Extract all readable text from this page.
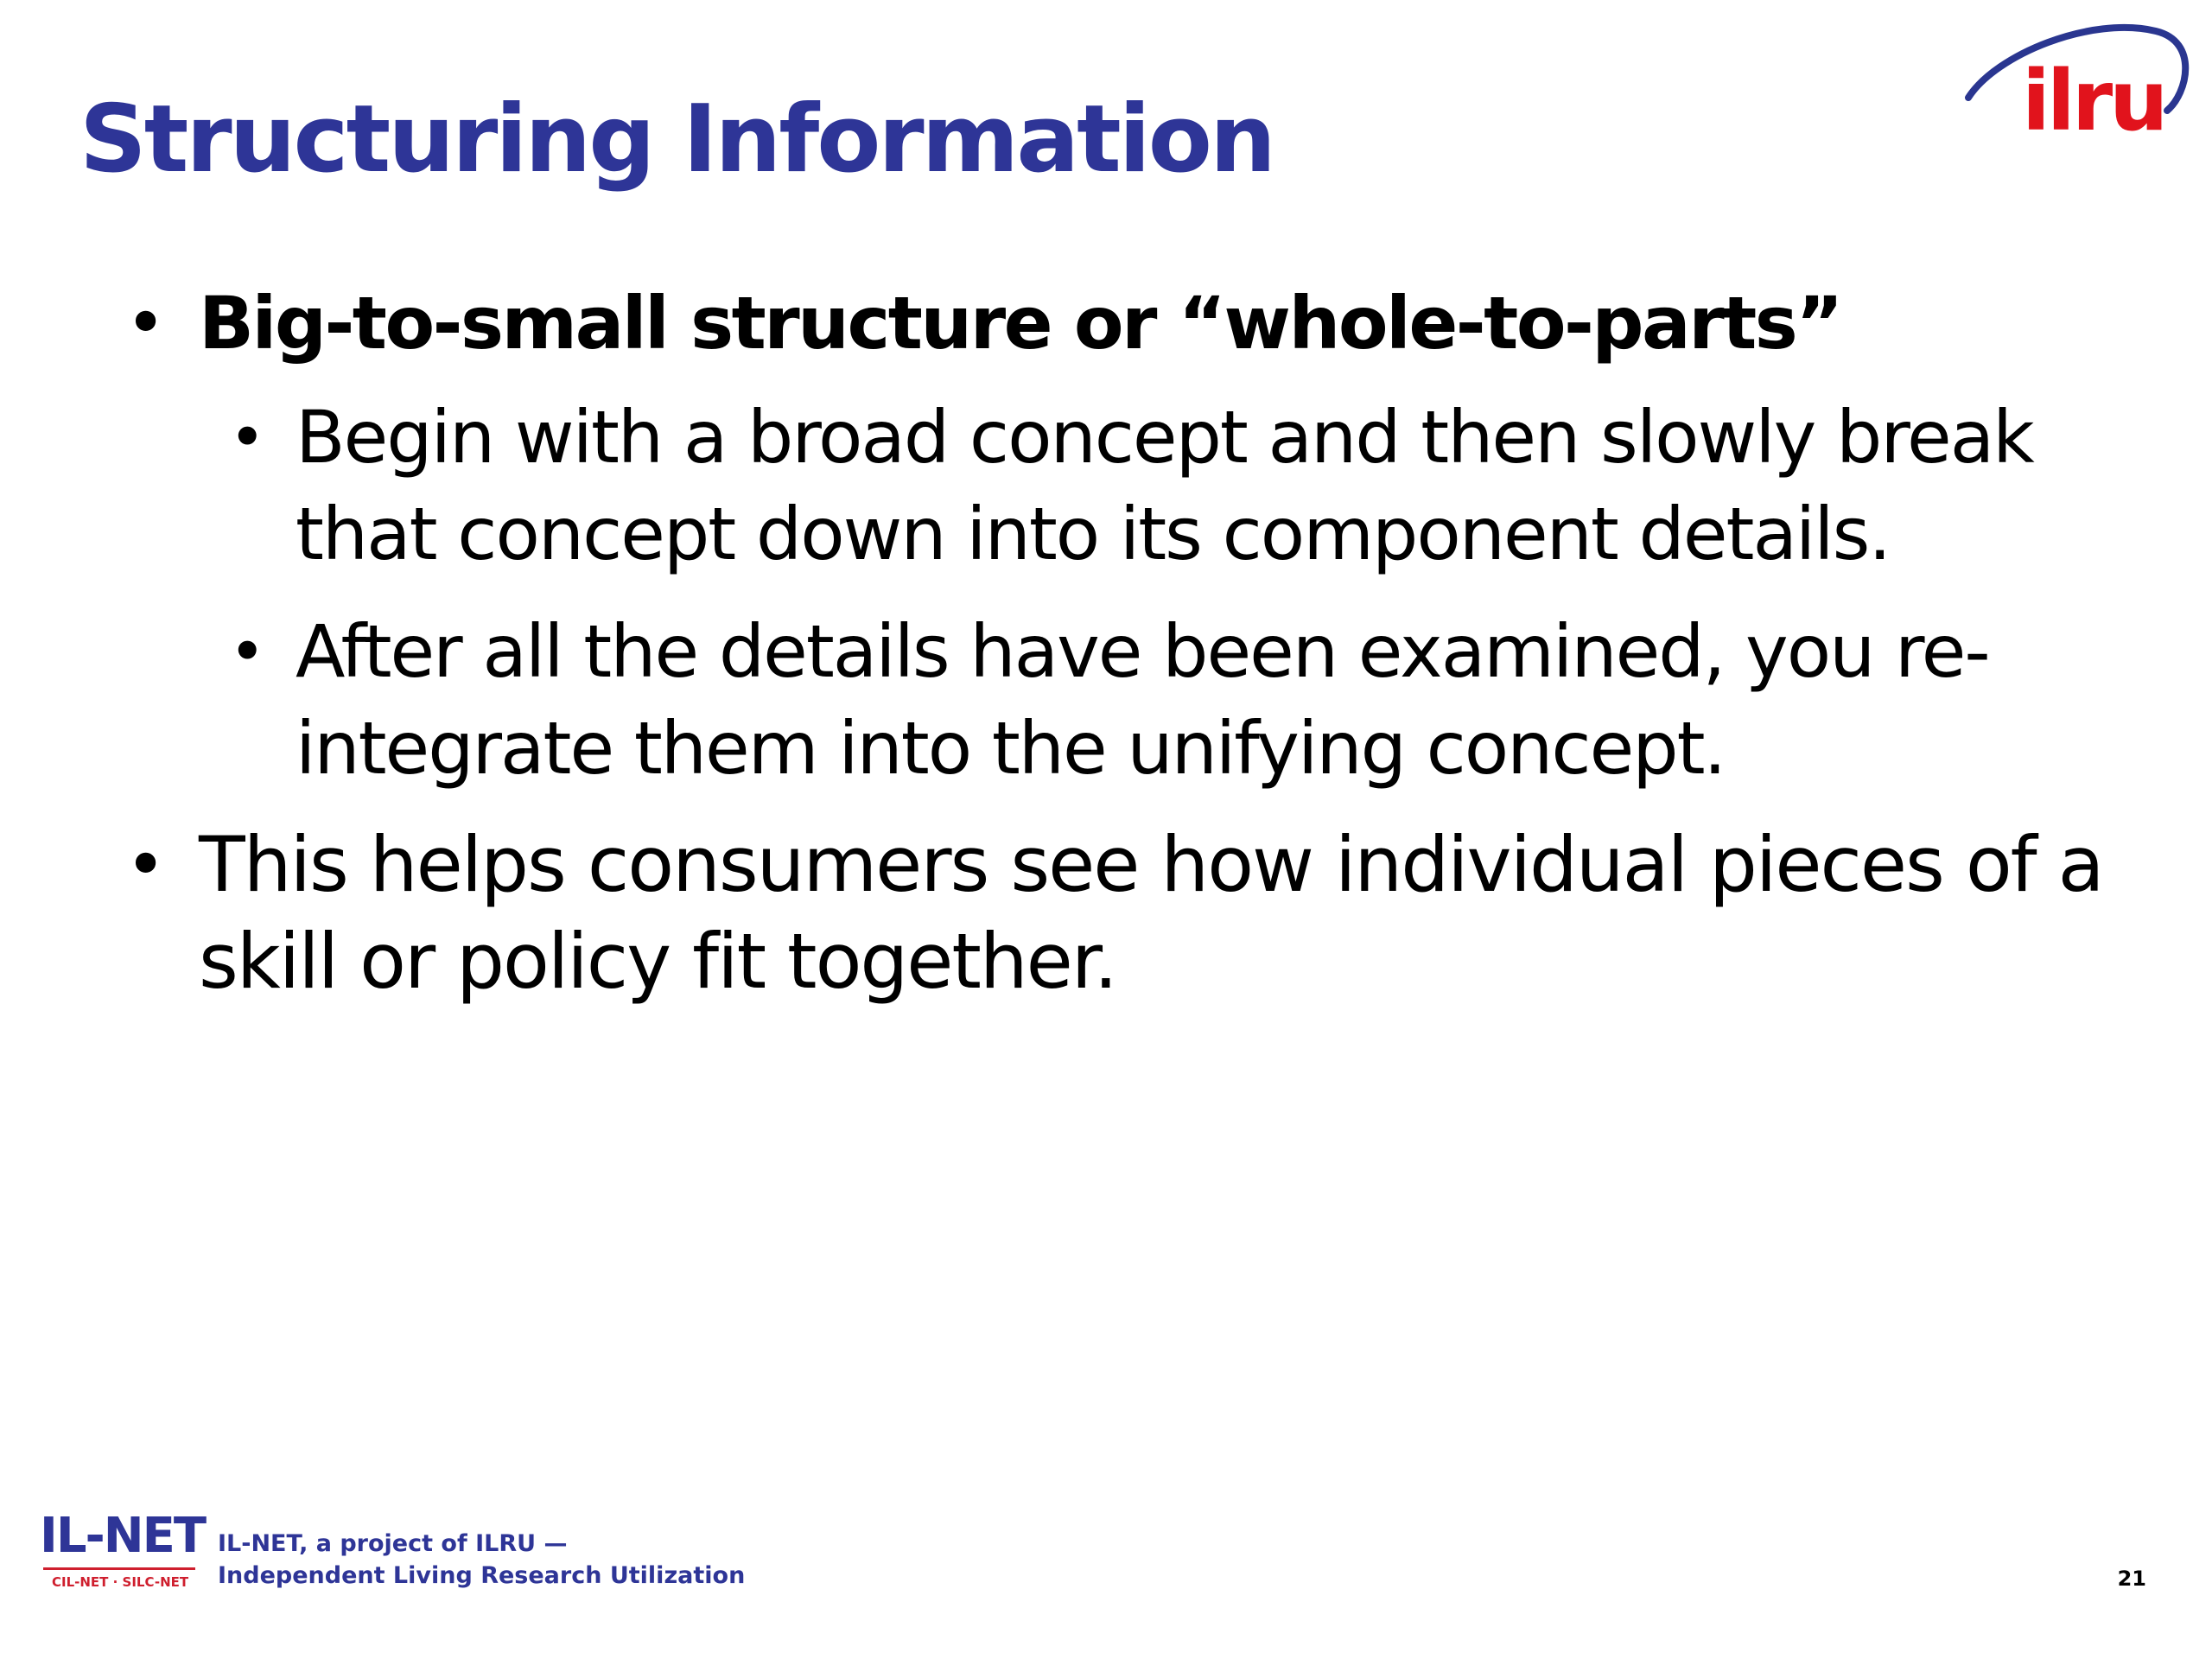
Structuring Information	ilru
• Big-to-small structure or “whole-to-parts”
• Begin with a broad concept and then slowly break
that concept down into its component details.
• After all the details have been examined, you re-
integrate them into the unifying concept.
• This helps consumers see how individual pieces of a
skill or policy fit together.
IL-NET
CIL-NET · SILC-NET
IL-NET, a project of ILRU —
Independent Living Research Utilization	21
